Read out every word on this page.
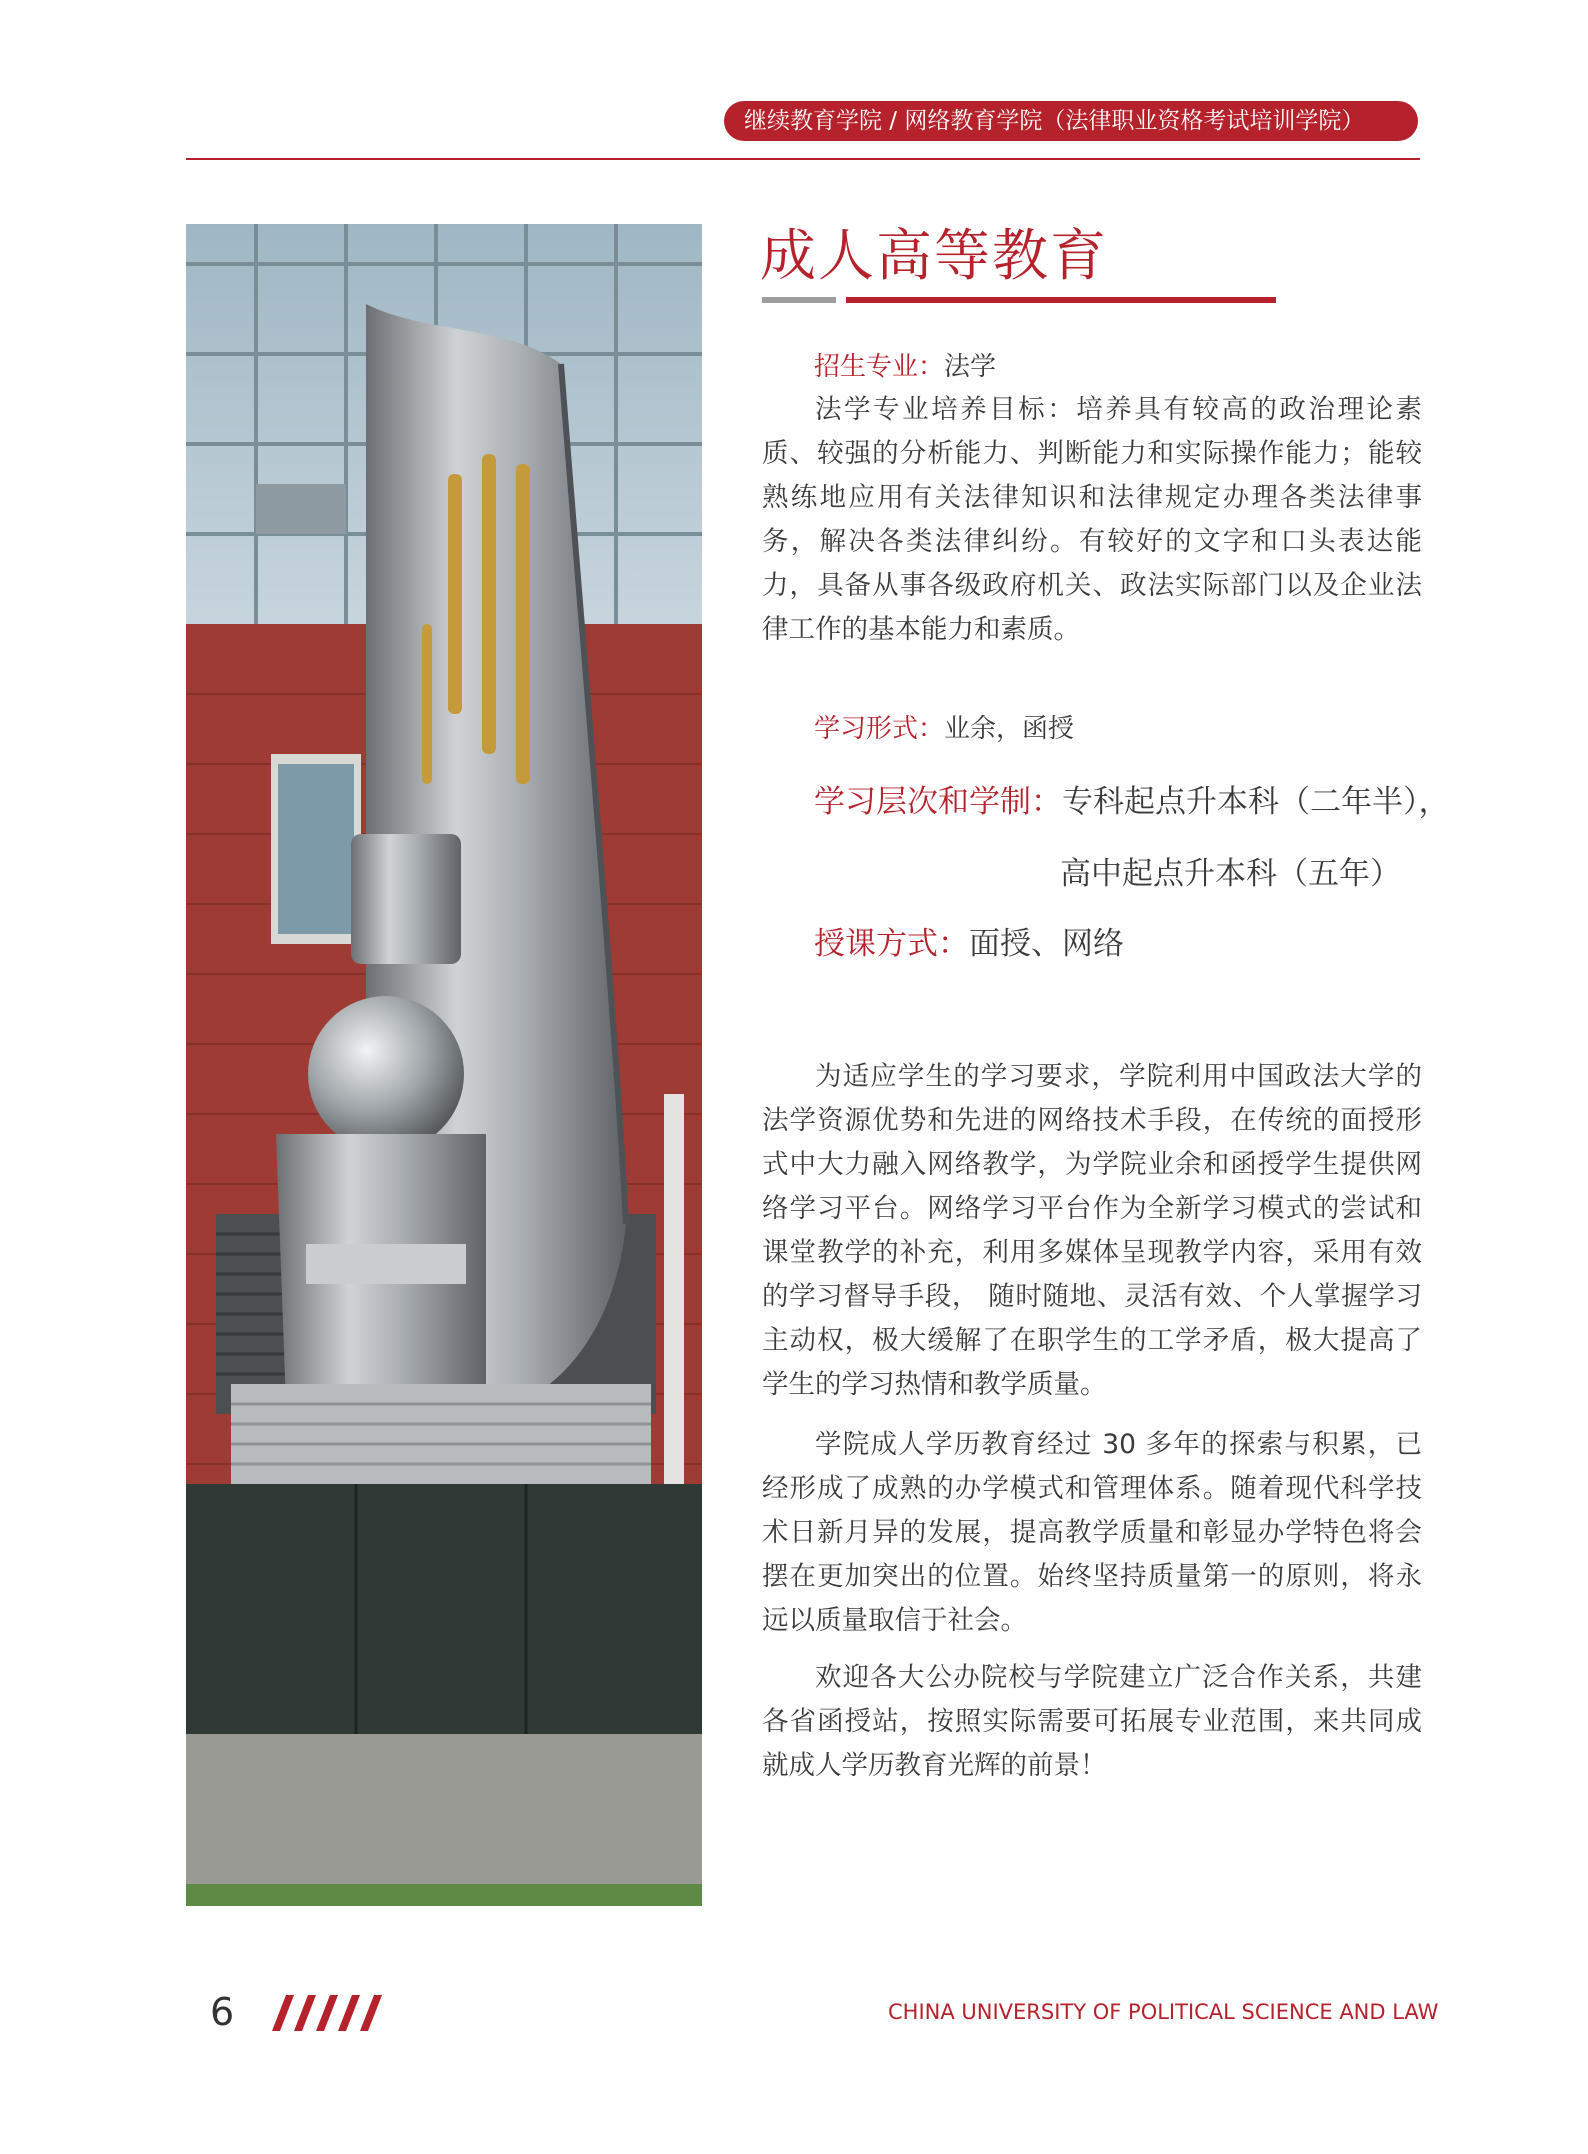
继续教育学院 / 网络教育学院（法律职业资格考试培训学院）
成人高等教育
招生专业：法学

法学专业培养目标：培养具有较高的政治理论素质、较强的分析能力、判断能力和实际操作能力；能较熟练地应用有关法律知识和法律规定办理各类法律事务，解决各类法律纠纷。有较好的文字和口头表达能力，具备从事各级政府机关、政法实际部门以及企业法律工作的基本能力和素质。

学习形式：业余，函授
学习层次和学制：专科起点升本科（二年半），
高中起点升本科（五年）
授课方式：面授、网络

为适应学生的学习要求，学院利用中国政法大学的法学资源优势和先进的网络技术手段，在传统的面授形式中大力融入网络教学，为学院业余和函授学生提供网络学习平台。网络学习平台作为全新学习模式的尝试和课堂教学的补充，利用多媒体呈现教学内容，采用有效的学习督导手段， 随时随地、灵活有效、个人掌握学习主动权，极大缓解了在职学生的工学矛盾，极大提高了学生的学习热情和教学质量。

学院成人学历教育经过 30 多年的探索与积累，已经形成了成熟的办学模式和管理体系。随着现代科学技术日新月异的发展，提高教学质量和彰显办学特色将会摆在更加突出的位置。始终坚持质量第一的原则，将永远以质量取信于社会。

欢迎各大公办院校与学院建立广泛合作关系，共建各省函授站，按照实际需要可拓展专业范围，来共同成就成人学历教育光辉的前景！

6	CHINA UNIVERSITY OF POLITICAL SCIENCE AND LAW
